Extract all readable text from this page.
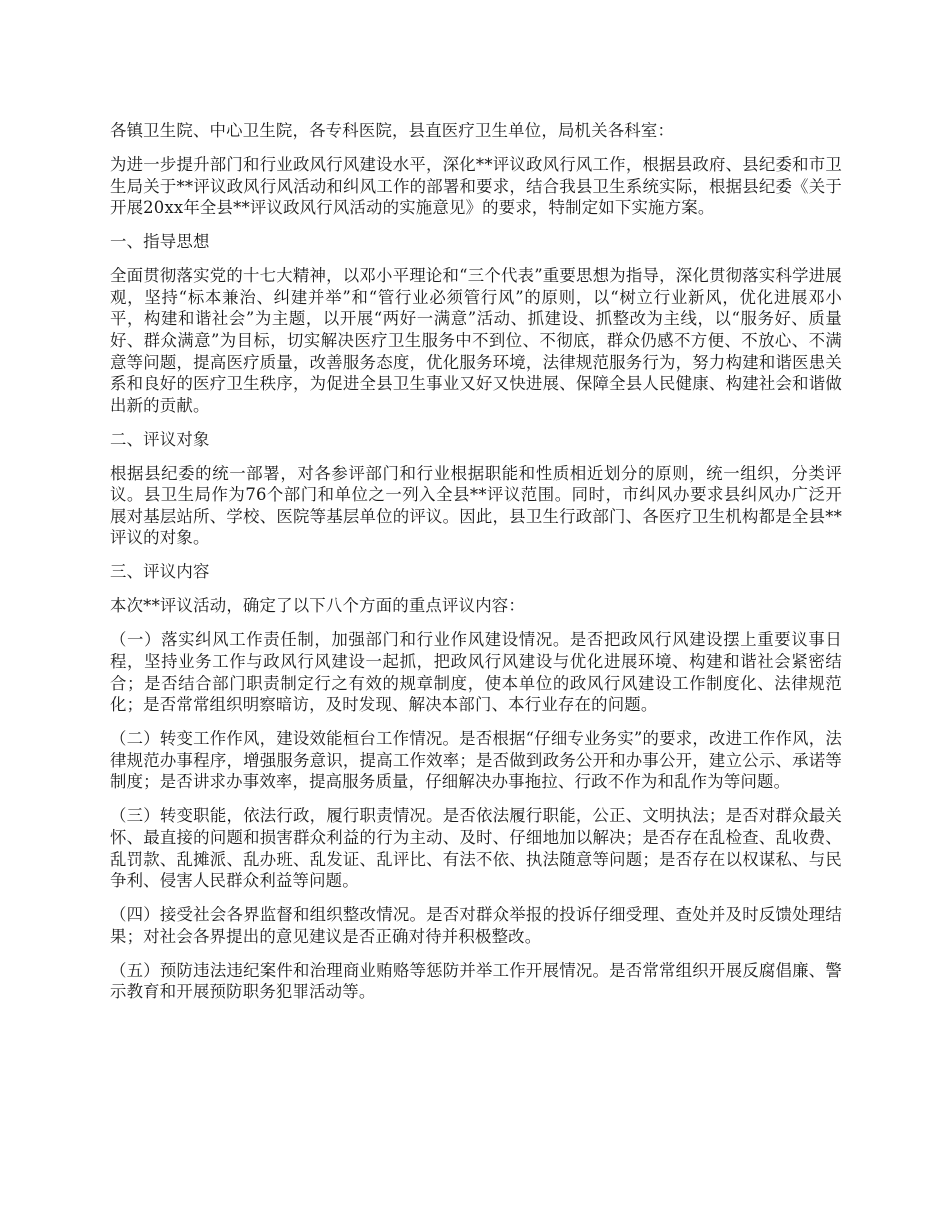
各镇卫生院、中心卫生院，各专科医院，县直医疗卫生单位，局机关各科室：

为进一步提升部门和行业政风行风建设水平，深化**评议政风行风工作，根据县政府、县纪委和市卫生局关于**评议政风行风活动和纠风工作的部署和要求，结合我县卫生系统实际，根据县纪委《关于开展20xx年全县**评议政风行风活动的实施意见》的要求，特制定如下实施方案。

一、指导思想

全面贯彻落实党的十七大精神，以邓小平理论和“三个代表”重要思想为指导，深化贯彻落实科学进展观，坚持“标本兼治、纠建并举”和“管行业必须管行风”的原则，以“树立行业新风，优化进展邓小平，构建和谐社会”为主题，以开展“两好一满意”活动、抓建设、抓整改为主线，以“服务好、质量好、群众满意”为目标，切实解决医疗卫生服务中不到位、不彻底，群众仍感不方便、不放心、不满意等问题，提高医疗质量，改善服务态度，优化服务环境，法律规范服务行为，努力构建和谐医患关系和良好的医疗卫生秩序，为促进全县卫生事业又好又快进展、保障全县人民健康、构建社会和谐做出新的贡献。

二、评议对象

根据县纪委的统一部署，对各参评部门和行业根据职能和性质相近划分的原则，统一组织，分类评议。县卫生局作为76个部门和单位之一列入全县**评议范围。同时，市纠风办要求县纠风办广泛开展对基层站所、学校、医院等基层单位的评议。因此，县卫生行政部门、各医疗卫生机构都是全县**评议的对象。

三、评议内容

本次**评议活动，确定了以下八个方面的重点评议内容：

（一）落实纠风工作责任制，加强部门和行业作风建设情况。是否把政风行风建设摆上重要议事日程，坚持业务工作与政风行风建设一起抓，把政风行风建设与优化进展环境、构建和谐社会紧密结合；是否结合部门职责制定行之有效的规章制度，使本单位的政风行风建设工作制度化、法律规范化；是否常常组织明察暗访，及时发现、解决本部门、本行业存在的问题。

（二）转变工作作风，建设效能桓台工作情况。是否根据“仔细专业务实”的要求，改进工作作风，法律规范办事程序，增强服务意识，提高工作效率；是否做到政务公开和办事公开，建立公示、承诺等制度；是否讲求办事效率，提高服务质量，仔细解决办事拖拉、行政不作为和乱作为等问题。

（三）转变职能，依法行政，履行职责情况。是否依法履行职能，公正、文明执法；是否对群众最关怀、最直接的问题和损害群众利益的行为主动、及时、仔细地加以解决；是否存在乱检查、乱收费、乱罚款、乱摊派、乱办班、乱发证、乱评比、有法不依、执法随意等问题；是否存在以权谋私、与民争利、侵害人民群众利益等问题。

（四）接受社会各界监督和组织整改情况。是否对群众举报的投诉仔细受理、查处并及时反馈处理结果；对社会各界提出的意见建议是否正确对待并积极整改。

（五）预防违法违纪案件和治理商业贿赂等惩防并举工作开展情况。是否常常组织开展反腐倡廉、警示教育和开展预防职务犯罪活动等。
